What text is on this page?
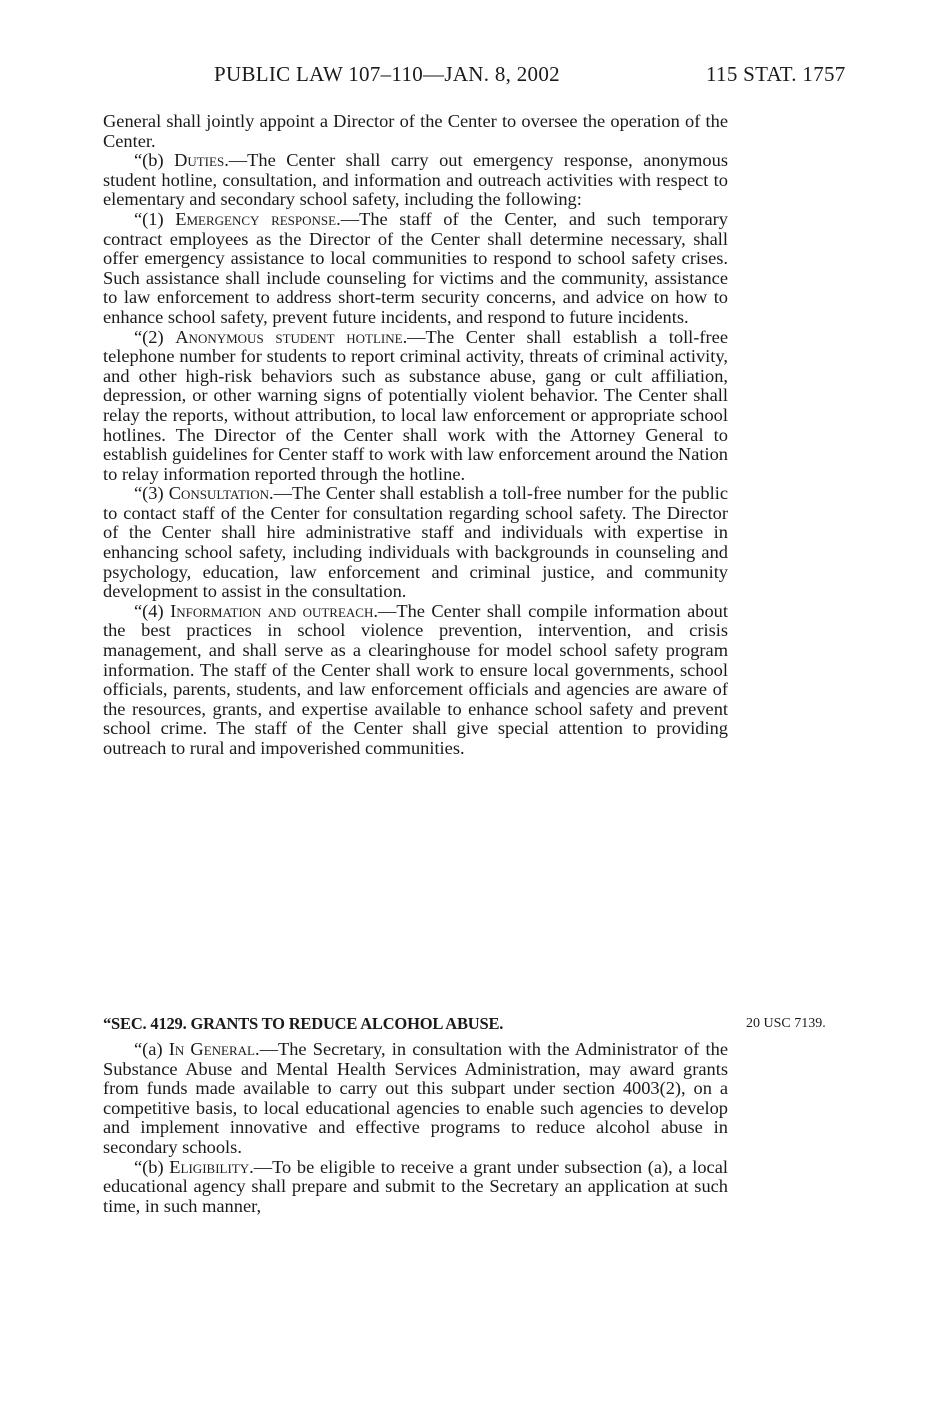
PUBLIC LAW 107–110—JAN. 8, 2002	115 STAT. 1757

General shall jointly appoint a Director of the Center to oversee the operation of the Center.

“(b) Duties.—The Center shall carry out emergency response, anonymous student hotline, consultation, and information and outreach activities with respect to elementary and secondary school safety, including the following:

“(1) Emergency response.—The staff of the Center, and such temporary contract employees as the Director of the Center shall determine necessary, shall offer emergency assistance to local communities to respond to school safety crises. Such assistance shall include counseling for victims and the community, assistance to law enforcement to address short-term security concerns, and advice on how to enhance school safety, prevent future incidents, and respond to future incidents.

“(2) Anonymous student hotline.—The Center shall establish a toll-free telephone number for students to report criminal activity, threats of criminal activity, and other high-risk behaviors such as substance abuse, gang or cult affiliation, depression, or other warning signs of potentially violent behavior. The Center shall relay the reports, without attribution, to local law enforcement or appropriate school hotlines. The Director of the Center shall work with the Attorney General to establish guidelines for Center staff to work with law enforcement around the Nation to relay information reported through the hotline.

“(3) Consultation.—The Center shall establish a toll-free number for the public to contact staff of the Center for consultation regarding school safety. The Director of the Center shall hire administrative staff and individuals with expertise in enhancing school safety, including individuals with backgrounds in counseling and psychology, education, law enforcement and criminal justice, and community development to assist in the consultation.

“(4) Information and outreach.—The Center shall compile information about the best practices in school violence prevention, intervention, and crisis management, and shall serve as a clearinghouse for model school safety program information. The staff of the Center shall work to ensure local governments, school officials, parents, students, and law enforcement officials and agencies are aware of the resources, grants, and expertise available to enhance school safety and prevent school crime. The staff of the Center shall give special attention to providing outreach to rural and impoverished communities.

“SEC. 4129. GRANTS TO REDUCE ALCOHOL ABUSE.	20 USC 7139.

“(a) In General.—The Secretary, in consultation with the Administrator of the Substance Abuse and Mental Health Services Administration, may award grants from funds made available to carry out this subpart under section 4003(2), on a competitive basis, to local educational agencies to enable such agencies to develop and implement innovative and effective programs to reduce alcohol abuse in secondary schools.

“(b) Eligibility.—To be eligible to receive a grant under subsection (a), a local educational agency shall prepare and submit to the Secretary an application at such time, in such manner,
